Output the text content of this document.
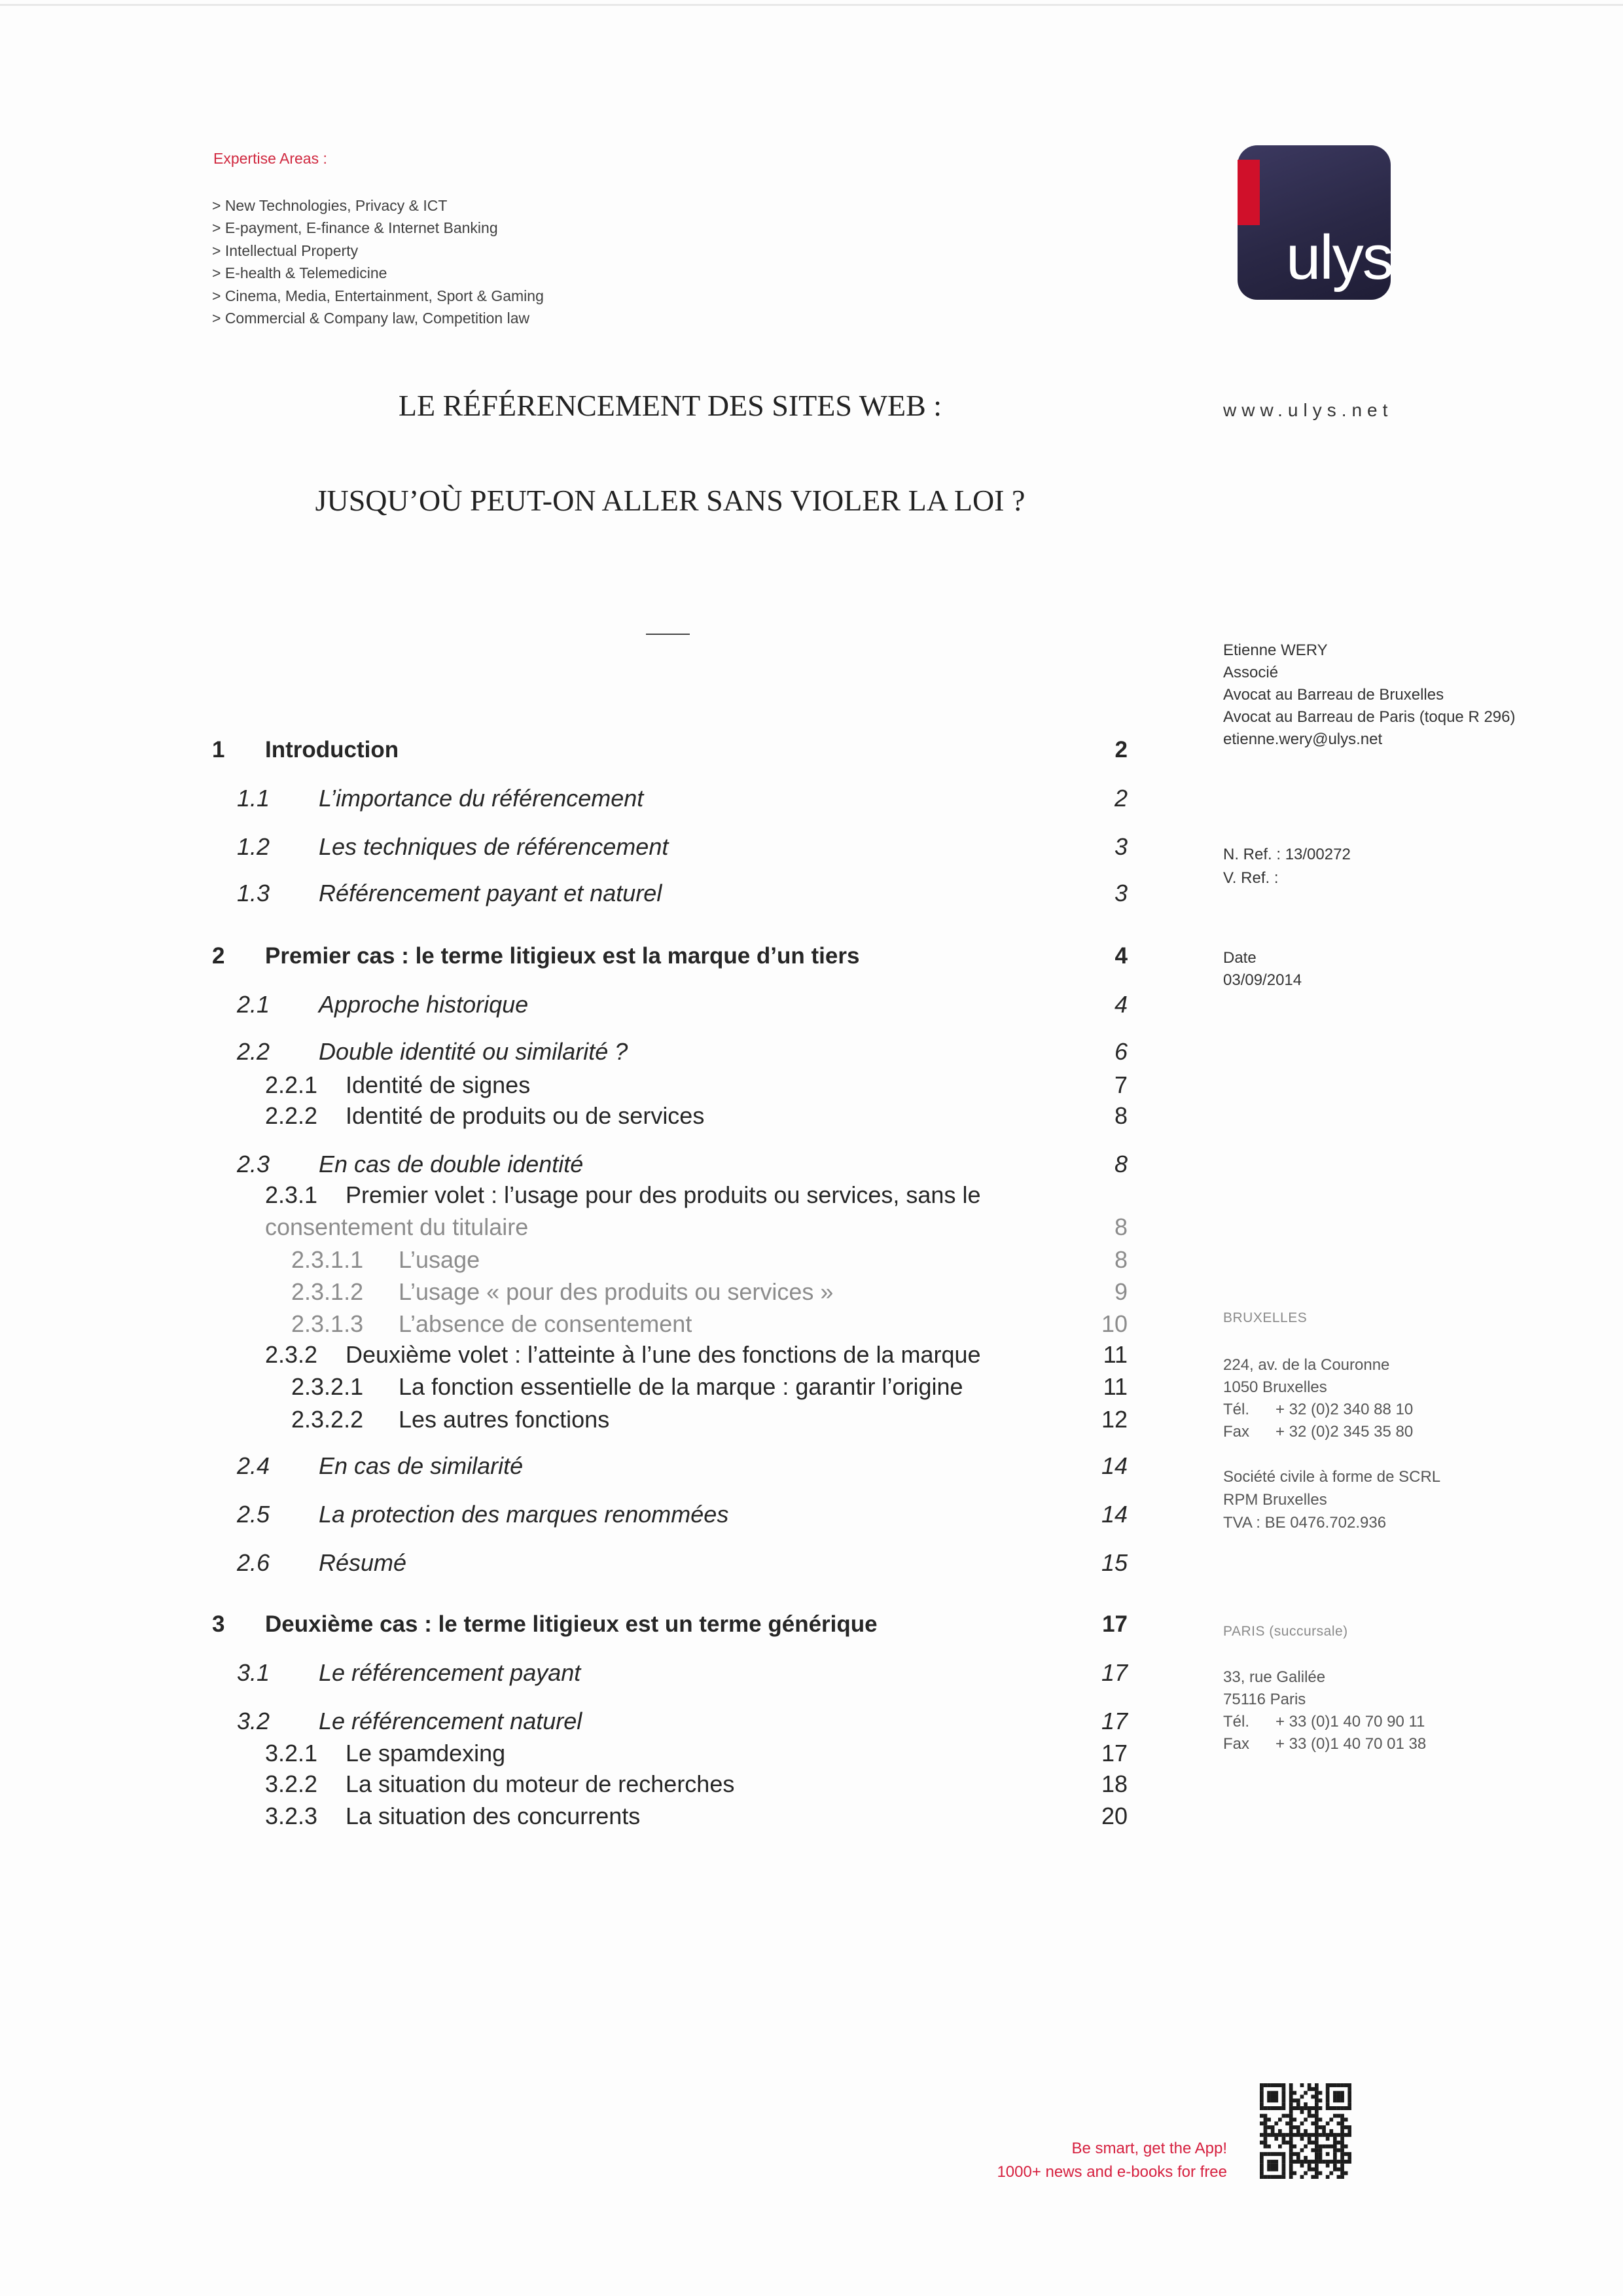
Expertise Areas :
> New Technologies, Privacy & ICT
> E-payment, E-finance & Internet Banking
> Intellectual Property
> E-health & Telemedicine
> Cinema, Media, Entertainment, Sport & Gaming
> Commercial & Company law, Competition law
ulys
www.ulys.net
LE RÉFÉRENCEMENT DES SITES WEB :
JUSQU’OÙ PEUT-ON ALLER SANS VIOLER LA LOI ?
Etienne WERY
Associé
Avocat au Barreau de Bruxelles
Avocat au Barreau de Paris (toque R 296)
etienne.wery@ulys.net
N. Ref. : 13/00272
V. Ref. :
Date
03/09/2014
BRUXELLES
224, av. de la Couronne
1050 Bruxelles
Tél. + 32 (0)2 340 88 10
Fax + 32 (0)2 345 35 80
Société civile à forme de SCRL
RPM Bruxelles
TVA : BE 0476.702.936
PARIS (succursale)
33, rue Galilée
75116 Paris
Tél. + 33 (0)1 40 70 90 11
Fax + 33 (0)1 40 70 01 38
Be smart, get the App!
1000+ news and e-books for free
1 Introduction	2
1.1 L’importance du référencement	2
1.2 Les techniques de référencement	3
1.3 Référencement payant et naturel	3
2 Premier cas : le terme litigieux est la marque d’un tiers	4
2.1 Approche historique	4
2.2 Double identité ou similarité ?	6
2.2.1 Identité de signes	7
2.2.2 Identité de produits ou de services	8
2.3 En cas de double identité	8
2.3.1 Premier volet : l’usage pour des produits ou services, sans le
consentement du titulaire	8
2.3.1.1 L’usage	8
2.3.1.2 L’usage « pour des produits ou services »	9
2.3.1.3 L’absence de consentement	10
2.3.2 Deuxième volet : l’atteinte à l’une des fonctions de la marque	11
2.3.2.1 La fonction essentielle de la marque : garantir l’origine	11
2.3.2.2 Les autres fonctions	12
2.4 En cas de similarité	14
2.5 La protection des marques renommées	14
2.6 Résumé	15
3 Deuxième cas : le terme litigieux est un terme générique	17
3.1 Le référencement payant	17
3.2 Le référencement naturel	17
3.2.1 Le spamdexing	17
3.2.2 La situation du moteur de recherches	18
3.2.3 La situation des concurrents	20
